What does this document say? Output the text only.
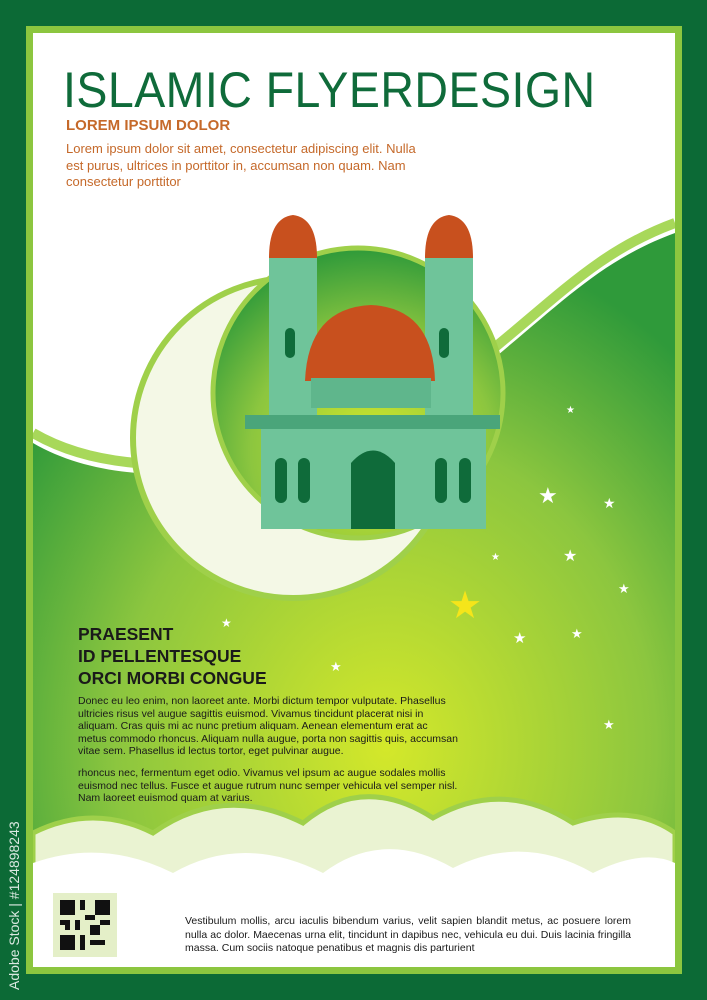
★	★
★
★
★	★
★
★
★
★
★
★
ISLAMIC FLYERDESIGN
LOREM IPSUM DOLOR
Lorem ipsum dolor sit amet, consectetur adipiscing elit. Nulla est purus, ultrices in porttitor in, accumsan non quam. Nam consectetur porttitor
PRAESENT
ID PELLENTESQUE
ORCI MORBI CONGUE
Donec eu leo enim, non laoreet ante. Morbi dictum tempor vulputate. Phasellus ultricies risus vel augue sagittis euismod. Vivamus tincidunt placerat nisi in aliquam. Cras quis mi ac nunc pretium aliquam. Aenean elementum erat ac metus commodo rhoncus. Aliquam nulla augue, porta non sagittis quis, accumsan vitae sem. Phasellus id lectus tortor, eget pulvinar augue.
rhoncus nec, fermentum eget odio. Vivamus vel ipsum ac augue sodales mollis euismod nec tellus. Fusce et augue rutrum nunc semper vehicula vel semper nisl. Nam laoreet euismod quam at varius.
Vestibulum mollis, arcu iaculis bibendum varius, velit sapien blandit metus, ac posuere lorem nulla ac dolor. Maecenas urna elit, tincidunt in dapibus nec, vehicula eu dui. Duis lacinia fringilla massa. Cum sociis natoque penatibus et magnis dis parturient
Adobe Stock | #124898243
